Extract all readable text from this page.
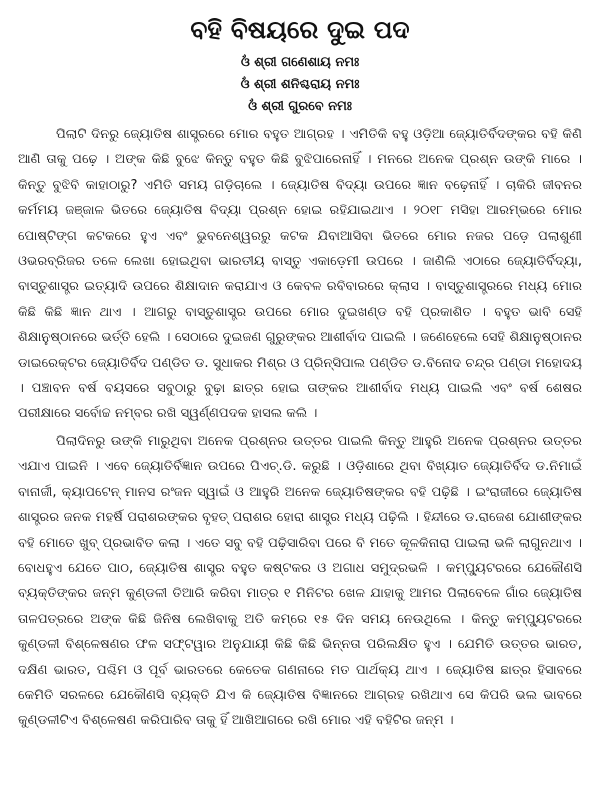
ବହି ବିଷୟରେ ଦୁଇ ପଦ

ଓଁ ଶ୍ରୀ ଗଣେଶାୟ ନମଃ

ଓଁ ଶ୍ରୀ ଶନିଶ୍ଚରାୟ ନମଃ

ଓଁ ଶ୍ରୀ ଗୁରବେ ନମଃ

ପିଲାଟି ଦିନରୁ ଜ୍ୟୋତିଷ ଶାସ୍ତ୍ରରେ ମୋର ବହୁତ ଆଗ୍ରହ । ଏମିତିକି ବହୁ ଓଡ଼ିଆ ଜ୍ୟୋତିର୍ବିଦଙ୍କର ବହି କିଣି ଆଣି ତାକୁ ପଢ଼େ । ଅଙ୍କ କିଛି ବୁଝେ କିନ୍ତୁ ବହୁତ କିଛି ବୁଝିପାରେନାହିଁ । ମନରେ ଅନେକ ପ୍ରଶ୍ନ ଉଙ୍କି ମାରେ । କିନ୍ତୁ ବୁଝିବି କାହାଠାରୁ? ଏମିତି ସମୟ ଗଡ଼ିଚାଲେ । ଜ୍ୟୋତିଷ ବିଦ୍ୟା ଉପରେ ଜ୍ଞାନ ବଢ଼େନାହିଁ । ଚାକିରି ଜୀବନର କର୍ମମୟ ଜଞ୍ଜାଳ ଭିତରେ ଜ୍ୟୋତିଷ ବିଦ୍ୟା ପ୍ରଶ୍ନ ହୋଇ ରହିଯାଇଥାଏ । ୨୦୧୮ ମସିହା ଆରମ୍ଭରେ ମୋର ପୋଷ୍ଟିଙ୍ଗ କଟକରେ ହୁଏ ଏବଂ ଭୁବନେଶ୍ୱରରୁ କଟକ ଯିବାଆସିବା ଭିତରେ ମୋର ନଜର ପଡ଼େ ପଲାଶୁଣୀ ଓଭରବ୍ରିଜର ତଳେ ଲେଖା ହୋଇଥିବା ଭାରତୀୟ ବାସ୍ତୁ ଏକାଡ଼େମୀ ଉପରେ । ଜାଣିଲି ଏଠାରେ ଜ୍ୟୋତିର୍ବିଦ୍ୟା, ବାସ୍ତୁଶାସ୍ତ୍ର ଇତ୍ୟାଦି ଉପରେ ଶିକ୍ଷାଦାନ କରାଯାଏ ଓ କେବଳ ରବିବାରରେ କ୍ଲାସ । ବାସ୍ତୁଶାସ୍ତ୍ରରେ ମଧ୍ୟ ମୋର କିଛି କିଛି ଜ୍ଞାନ ଥାଏ । ଆଗରୁ ବାସ୍ତୁଶାସ୍ତ୍ର ଉପରେ ମୋର ଦୁଇଖଣ୍ଡ ବହି ପ୍ରକାଶିତ । ବହୁତ ଭାବି ସେହି ଶିକ୍ଷାନୁଷ୍ଠାନରେ ଭର୍ତ୍ତି ହେଲି । ସେଠାରେ ଦୁଇଜଣ ଗୁରୁଙ୍କର ଆଶୀର୍ବାଦ ପାଇଲି । ଜଣେହେଲେ ସେହି ଶିକ୍ଷାନୁଷ୍ଠାନର ଡାଇରେକ୍ଟର ଜ୍ୟୋତିର୍ବିଦ ପଣ୍ଡିତ ଡ. ସୁଧାକର ମିଶ୍ର ଓ ପ୍ରିନ୍‌ସିପାଲ ପଣ୍ଡିତ ଡ.ବିନୋଦ ଚନ୍ଦ୍ର ପଣ୍ଡା ମହୋଦୟ । ପଞ୍ଚାବନ ବର୍ଷ ବୟସରେ ସବୁଠାରୁ ବୁଢ଼ା ଛାତ୍ର ହୋଇ ତାଙ୍କର ଆଶୀର୍ବାଦ ମଧ୍ୟ ପାଇଲି ଏବଂ ବର୍ଷ ଶେଷର ପରୀକ୍ଷାରେ ସର୍ବୋଚ୍ଚ ନମ୍ବର ରଖି ସ୍ୱର୍ଣ୍ଣପଦକ ହାସଲ କଲି ।

ପିଲାଦିନରୁ ଉଙ୍କି ମାରୁଥିବା ଅନେକ ପ୍ରଶ୍ନର ଉତ୍ତର ପାଇଲି କିନ୍ତୁ ଆହୁରି ଅନେକ ପ୍ରଶ୍ନର ଉତ୍ତର ଏଯାଏ ପାଇନି । ଏବେ ଜ୍ୟୋତିର୍ବିଜ୍ଞାନ ଉପରେ ପିଏଚ୍.ଡି. କରୁଛି । ଓଡ଼ିଶାରେ ଥିବା ବିଖ୍ୟାତ ଜ୍ୟୋତିର୍ବିଦ ଡ.ନିମାଇଁ ବାନାର୍ଜୀ, କ୍ୟାପଟେନ୍ ମାନସ ରଂଜନ ସ୍ୱାଇଁ ଓ ଆହୁରି ଅନେକ ଜ୍ୟୋତିଷଙ୍କର ବହି ପଢ଼ିଛି । ଇଂରାଜୀରେ ଜ୍ୟୋତିଷ ଶାସ୍ତ୍ରର ଜନକ ମହର୍ଷି ପରାଶରଙ୍କର ବୃହତ୍ ପରାଶର ହୋରା ଶାସ୍ତ୍ର ମଧ୍ୟ ପଢ଼ିଲି । ହିନ୍ଦୀରେ ଡ.ରାଜେଶ ଯୋଶୀଙ୍କର ବହି ମୋତେ ଖୁବ୍ ପ୍ରଭାବିତ କଲା । ଏତେ ସବୁ ବହି ପଢ଼ିସାରିବା ପରେ ବି ମତେ କୂଳକିନାରା ପାଇଲା ଭଳି ଲାଗୁନଥାଏ । ବୋଧହୁଏ ଯେତେ ପାଠ, ଜ୍ୟୋତିଷ ଶାସ୍ତ୍ର ବହୁତ କଷ୍ଟକର ଓ ଅଗାଧ ସମୁଦ୍ରଭଳି । କମ୍ପ୍ୟୁଟରରେ ଯେକୌଣସି ବ୍ୟକ୍ତିଙ୍କର ଜନ୍ମ କୁଣ୍ଡଳୀ ତିଆରି କରିବା ମାତ୍ର ୧ ମିନିଟର ଖେଳ ଯାହାକୁ ଆମର ପିଲାବେଳେ ଗାଁର ଜ୍ୟୋତିଷ ତାଳପତ୍ରରେ ଅଙ୍କ କିଛି ଜିନିଷ ଲେଖିବାକୁ ଅତି କମ୍‌ରେ ୧୫ ଦିନ ସମୟ ନେଉଥିଲେ । କିନ୍ତୁ କମ୍ପ୍ୟୁଟରରେ କୁଣ୍ଡଳୀ ବିଶ୍ଳେଷଣର ଫଳ ସଫ୍ଟୱାର ଅନୁଯାୟୀ କିଛି କିଛି ଭିନ୍ନତା ପରିଲକ୍ଷିତ ହୁଏ । ଯେମିତି ଉତ୍ତର ଭାରତ, ଦକ୍ଷିଣ ଭାରତ, ପଶ୍ଚିମ ଓ ପୂର୍ବ ଭାରତରେ କେତେକ ଗଣନାରେ ମତ ପାର୍ଥକ୍ୟ ଥାଏ । ଜ୍ୟୋତିଷ ଛାତ୍ର ହିସାବରେ କେମିତି ସରଳରେ ଯେକୌଣସି ବ୍ୟକ୍ତି ଯିଏ କି ଜ୍ୟୋତିଷ ବିଜ୍ଞାନରେ ଆଗ୍ରହ ରଖିଥାଏ ସେ କିପରି ଭଲ ଭାବରେ କୁଣ୍ଡଳୀଟିଏ ବିଶ୍ଳେଷଣ କରିପାରିବ ତାକୁ ହିଁ ଆଖିଆଗରେ ରଖି ମୋର ଏହି ବହିଟିର ଜନ୍ମ ।
